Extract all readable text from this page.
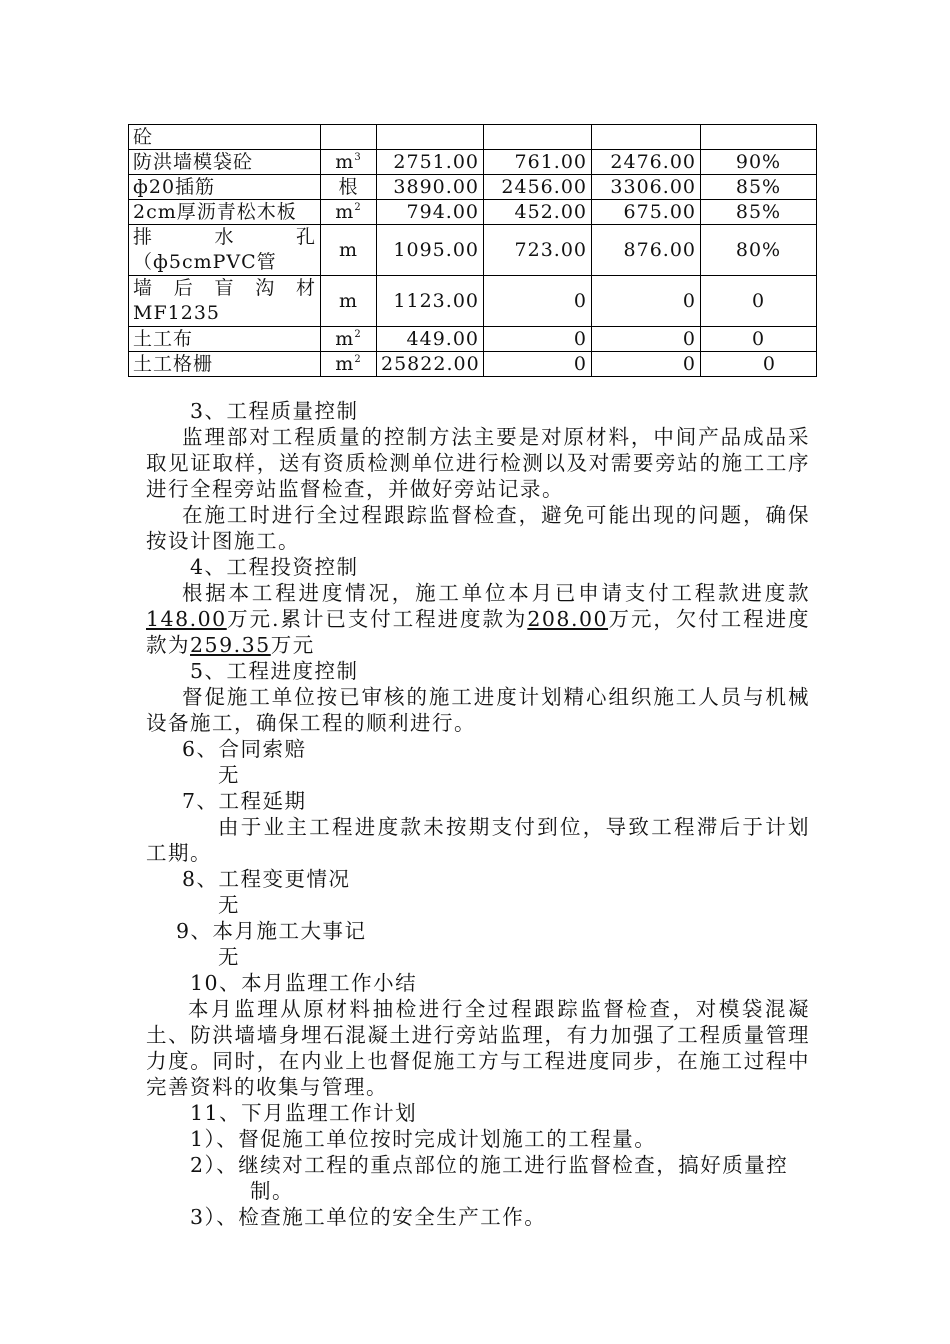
砼					
防洪墙模袋砼	$m^3$	2751.00	761.00	2476.00	90%
ф20插筋	根	3890.00	2456.00	3306.00	85%
2cm厚沥青松木板	$m^2$	794.00	452.00	675.00	85%

排 水 孔
（ф5cmPVC管	m	1095.00	723.00	876.00	80%

墙 后 盲 沟 材
MF1235	m	1123.00	0	0	0
土工布	$m^2$	449.00	0	0	0
土工格栅	$m^2$	25822.00	0	0	0

3、工程质量控制

监理部对工程质量的控制方法主要是对原材料，中间产品成品采取见证取样，送有资质检测单位进行检测以及对需要旁站的施工工序进行全程旁站监督检查，并做好旁站记录。

在施工时进行全过程跟踪监督检查，避免可能出现的问题，确保按设计图施工。

4、工程投资控制

根据本工程进度情况，施工单位本月已申请支付工程款进度款148.00万元.累计已支付工程进度款为208.00万元，欠付工程进度款为259.35万元

5、工程进度控制

督促施工单位按已审核的施工进度计划精心组织施工人员与机械设备施工，确保工程的顺利进行。

6、合同索赔

无

7、工程延期

由于业主工程进度款未按期支付到位，导致工程滞后于计划工期。

8、工程变更情况

无

9、本月施工大事记

无

10、本月监理工作小结

本月监理从原材料抽检进行全过程跟踪监督检查，对模袋混凝土、防洪墙墙身埋石混凝土进行旁站监理，有力加强了工程质量管理力度。同时，在内业上也督促施工方与工程进度同步，在施工过程中完善资料的收集与管理。

11、下月监理工作计划

1）、督促施工单位按时完成计划施工的工程量。

2）、继续对工程的重点部位的施工进行监督检查，搞好质量控

制。

3）、检查施工单位的安全生产工作。
